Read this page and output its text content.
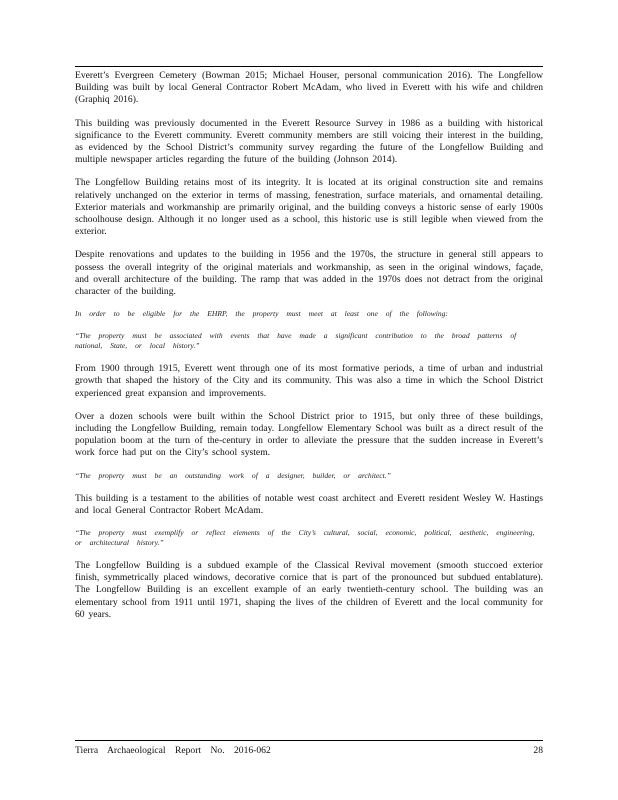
Everett’s Evergreen Cemetery (Bowman 2015; Michael Houser, personal communication 2016). The Longfellow Building was built by local General Contractor Robert McAdam, who lived in Everett with his wife and children (Graphiq 2016).

This building was previously documented in the Everett Resource Survey in 1986 as a building with historical significance to the Everett community. Everett community members are still voicing their interest in the building, as evidenced by the School District’s community survey regarding the future of the Longfellow Building and multiple newspaper articles regarding the future of the building (Johnson 2014).

The Longfellow Building retains most of its integrity. It is located at its original construction site and remains relatively unchanged on the exterior in terms of massing, fenestration, surface materials, and ornamental detailing. Exterior materials and workmanship are primarily original, and the building conveys a historic sense of early 1900s schoolhouse design. Although it no longer used as a school, this historic use is still legible when viewed from the exterior.

Despite renovations and updates to the building in 1956 and the 1970s, the structure in general still appears to possess the overall integrity of the original materials and workmanship, as seen in the original windows, façade, and overall architecture of the building. The ramp that was added in the 1970s does not detract from the original character of the building.

In order to be eligible for the EHRP, the property must meet at least one of the following:

“The property must be associated with events that have made a significant contribution to the broad patterns of national, State, or local history.”

From 1900 through 1915, Everett went through one of its most formative periods, a time of urban and industrial growth that shaped the history of the City and its community. This was also a time in which the School District experienced great expansion and improvements.

Over a dozen schools were built within the School District prior to 1915, but only three of these buildings, including the Longfellow Building, remain today. Longfellow Elementary School was built as a direct result of the population boom at the turn of the-century in order to alleviate the pressure that the sudden increase in Everett’s work force had put on the City’s school system.

“The property must be an outstanding work of a designer, builder, or architect.”

This building is a testament to the abilities of notable west coast architect and Everett resident Wesley W. Hastings and local General Contractor Robert McAdam.

“The property must exemplify or reflect elements of the City’s cultural, social, economic, political, aesthetic, engineering, or architectural history.”

The Longfellow Building is a subdued example of the Classical Revival movement (smooth stuccoed exterior finish, symmetrically placed windows, decorative cornice that is part of the pronounced but subdued entablature). The Longfellow Building is an excellent example of an early twentieth-century school. The building was an elementary school from 1911 until 1971, shaping the lives of the children of Everett and the local community for 60 years.

Tierra Archaeological Report No. 2016-062	28
